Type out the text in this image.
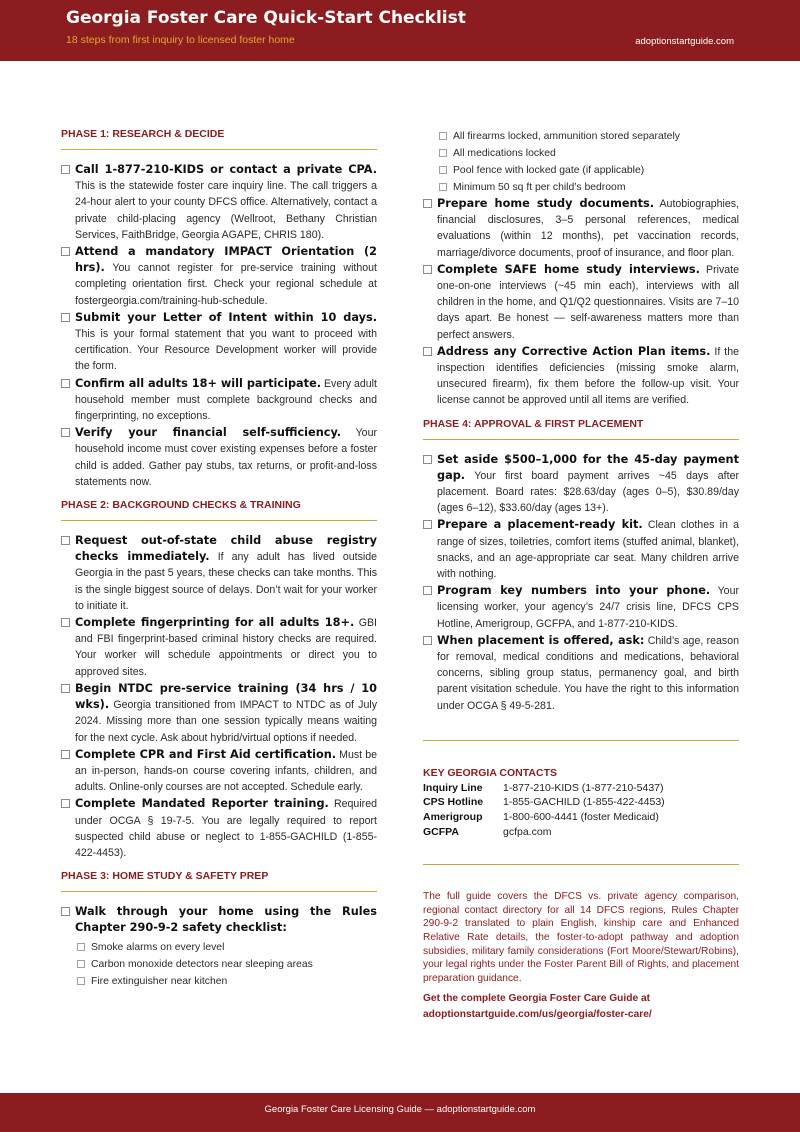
Georgia Foster Care Quick-Start Checklist
18 steps from first inquiry to licensed foster home	adoptionstartguide.com
PHASE 1: RESEARCH & DECIDE
Call 1-877-210-KIDS or contact a private CPA. This is the statewide foster care inquiry line. The call triggers a 24-hour alert to your county DFCS office. Alternatively, contact a private child-placing agency (Wellroot, Bethany Christian Services, FaithBridge, Georgia AGAPE, CHRIS 180).
Attend a mandatory IMPACT Orientation (2 hrs). You cannot register for pre-service training without completing orientation first. Check your regional schedule at fostergeorgia.com/training-hub-schedule.
Submit your Letter of Intent within 10 days. This is your formal statement that you want to proceed with certification. Your Resource Development worker will provide the form.
Confirm all adults 18+ will participate. Every adult household member must complete background checks and fingerprinting, no exceptions.
Verify your financial self-sufficiency. Your household income must cover existing expenses before a foster child is added. Gather pay stubs, tax returns, or profit-and-loss statements now.
PHASE 2: BACKGROUND CHECKS & TRAINING
Request out-of-state child abuse registry checks immediately. If any adult has lived outside Georgia in the past 5 years, these checks can take months. This is the single biggest source of delays. Don’t wait for your worker to initiate it.
Complete fingerprinting for all adults 18+. GBI and FBI fingerprint-based criminal history checks are required. Your worker will schedule appointments or direct you to approved sites.
Begin NTDC pre-service training (34 hrs / 10 wks). Georgia transitioned from IMPACT to NTDC as of July 2024. Missing more than one session typically means waiting for the next cycle. Ask about hybrid/virtual options if needed.
Complete CPR and First Aid certification. Must be an in-person, hands-on course covering infants, children, and adults. Online-only courses are not accepted. Schedule early.
Complete Mandated Reporter training. Required under OCGA § 19-7-5. You are legally required to report suspected child abuse or neglect to 1-855-GACHILD (1-855-422-4453).
PHASE 3: HOME STUDY & SAFETY PREP
Walk through your home using the Rules Chapter 290-9-2 safety checklist:
Smoke alarms on every level
Carbon monoxide detectors near sleeping areas
Fire extinguisher near kitchen
All firearms locked, ammunition stored separately
All medications locked
Pool fence with locked gate (if applicable)
Minimum 50 sq ft per child’s bedroom
Prepare home study documents. Autobiographies, financial disclosures, 3–5 personal references, medical evaluations (within 12 months), pet vaccination records, marriage/divorce documents, proof of insurance, and floor plan.
Complete SAFE home study interviews. Private one-on-one interviews (~45 min each), interviews with all children in the home, and Q1/Q2 questionnaires. Visits are 7–10 days apart. Be honest — self-awareness matters more than perfect answers.
Address any Corrective Action Plan items. If the inspection identifies deficiencies (missing smoke alarm, unsecured firearm), fix them before the follow-up visit. Your license cannot be approved until all items are verified.
PHASE 4: APPROVAL & FIRST PLACEMENT
Set aside $500–1,000 for the 45-day payment gap. Your first board payment arrives ~45 days after placement. Board rates: $28.63/day (ages 0–5), $30.89/day (ages 6–12), $33.60/day (ages 13+).
Prepare a placement-ready kit. Clean clothes in a range of sizes, toiletries, comfort items (stuffed animal, blanket), snacks, and an age-appropriate car seat. Many children arrive with nothing.
Program key numbers into your phone. Your licensing worker, your agency’s 24/7 crisis line, DFCS CPS Hotline, Amerigroup, GCFPA, and 1-877-210-KIDS.
When placement is offered, ask: Child’s age, reason for removal, medical conditions and medications, behavioral concerns, sibling group status, permanency goal, and birth parent visitation schedule. You have the right to this information under OCGA § 49-5-281.
KEY GEORGIA CONTACTS
Inquiry Line	1-877-210-KIDS (1-877-210-5437)
CPS Hotline	1-855-GACHILD (1-855-422-4453)
Amerigroup	1-800-600-4441 (foster Medicaid)
GCFPA	gcfpa.com
The full guide covers the DFCS vs. private agency comparison, regional contact directory for all 14 DFCS regions, Rules Chapter 290-9-2 translated to plain English, kinship care and Enhanced Relative Rate details, the foster-to-adopt pathway and adoption subsidies, military family considerations (Fort Moore/Stewart/Robins), your legal rights under the Foster Parent Bill of Rights, and placement preparation guidance.
Get the complete Georgia Foster Care Guide at
adoptionstartguide.com/us/georgia/foster-care/
Georgia Foster Care Licensing Guide — adoptionstartguide.com
